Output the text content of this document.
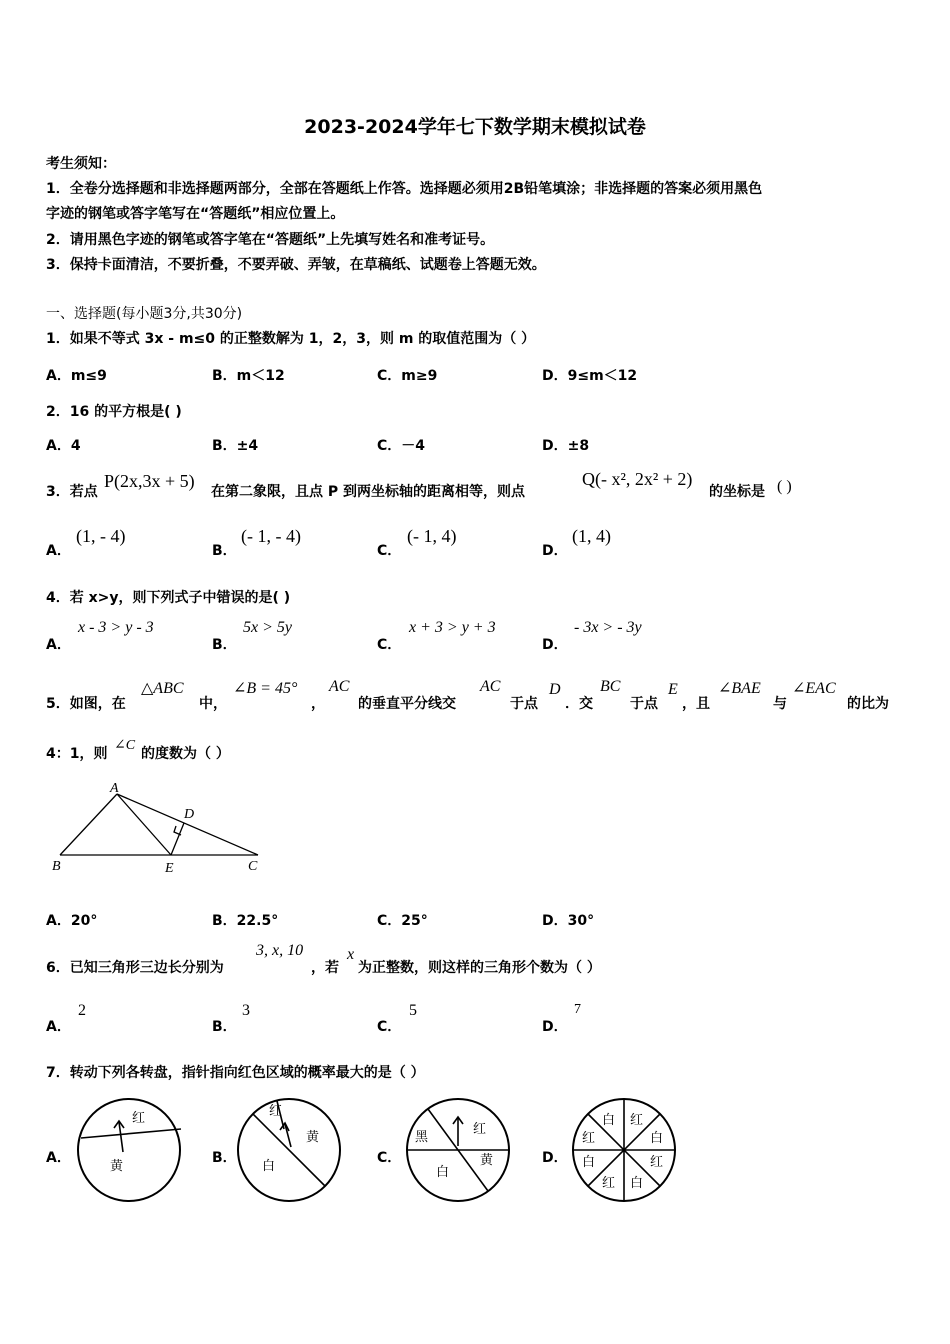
2023-2024学年七下数学期末模拟试卷
考生须知：
1．全卷分选择题和非选择题两部分，全部在答题纸上作答。选择题必须用2B铅笔填涂；非选择题的答案必须用黑色
字迹的钢笔或答字笔写在“答题纸”相应位置上。
2．请用黑色字迹的钢笔或答字笔在“答题纸”上先填写姓名和准考证号。
3．保持卡面清洁，不要折叠，不要弄破、弄皱，在草稿纸、试题卷上答题无效。
一、选择题(每小题3分,共30分)
1．如果不等式 3x - m≤0 的正整数解为 1，2，3，则 m 的取值范围为（ ）
A．m≤9	B．m＜12	C．m≥9	D．9≤m＜12
2．16 的平方根是( )
A．4	B．±4	C．－4	D．±8
3．若点
P(2x,3x + 5)
在第二象限，且点 P 到两坐标轴的距离相等，则点
Q(- x², 2x² + 2)
的坐标是 ( )
A．
(1, - 4)
B．
(- 1, - 4)
C．
(- 1, 4)
D．
(1, 4)
4．若 x>y，则下列式子中错误的是( )
A．
x - 3 > y - 3
B．
5x > 5y
C．
x + 3 > y + 3
D．
- 3x > - 3y
5．如图，在
△ABC
中，
∠B = 45°
，
AC
的垂直平分线交
AC
于点
D
．交
BC
于点
E
，且
∠BAE
与
∠EAC
的比为
4：1，则
∠C
的度数为（ ）
A
B	C
D
E
A．20°	B．22.5°	C．25°	D．30°
6．已知三角形三边长分别为
3, x, 10
，若
x
为正整数，则这样的三角形个数为（ ）
A．
2
B．
3
C．
5
D．
7
7．转动下列各转盘，指针指向红色区域的概率最大的是（ ）
A．
红
黄
B．
红
黄
白
C．
黑
红
白
黄	D．
白 红
白
红
白
红
白
红
